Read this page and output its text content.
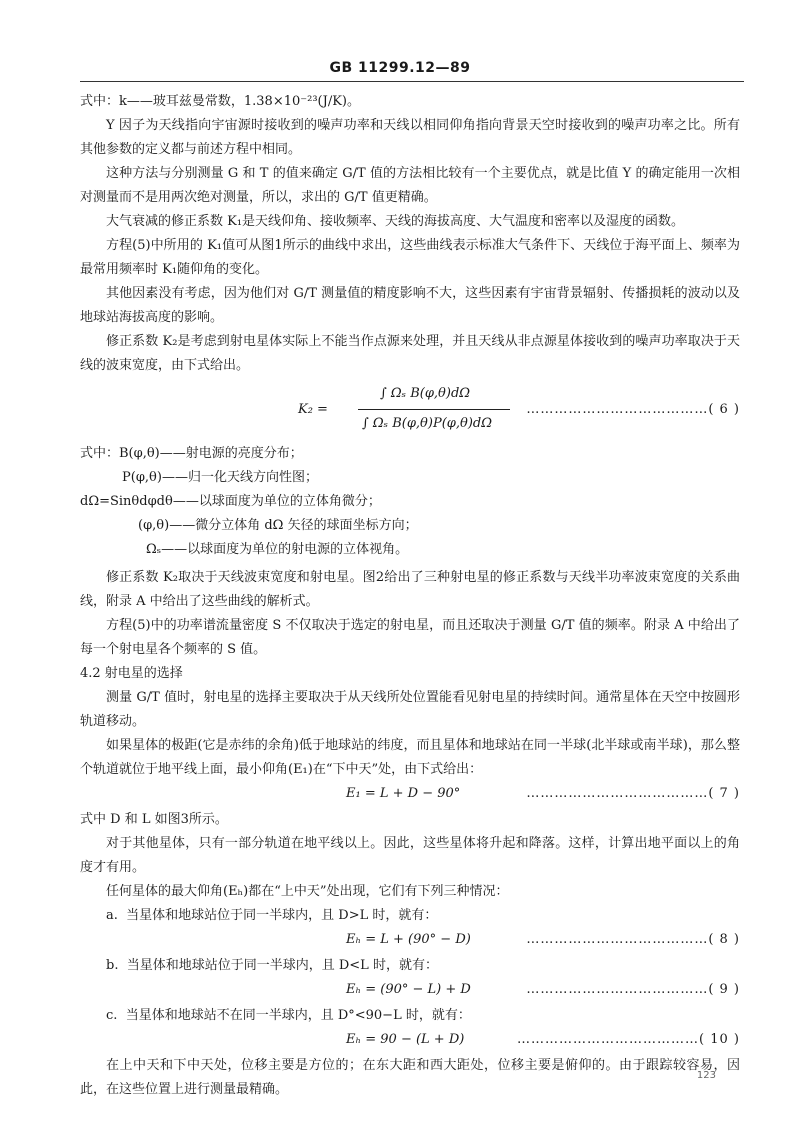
GB 11299.12—89

式中：k——玻耳兹曼常数，1.38×10⁻²³(J/K)。

Y 因子为天线指向宇宙源时接收到的噪声功率和天线以相同仰角指向背景天空时接收到的噪声功率之比。所有其他参数的定义都与前述方程中相同。

这种方法与分别测量 G 和 T 的值来确定 G/T 值的方法相比较有一个主要优点，就是比值 Y 的确定能用一次相对测量而不是用两次绝对测量，所以，求出的 G/T 值更精确。

大气衰减的修正系数 K₁是天线仰角、接收频率、天线的海拔高度、大气温度和密率以及湿度的函数。

方程(5)中所用的 K₁值可从图1所示的曲线中求出，这些曲线表示标准大气条件下、天线位于海平面上、频率为最常用频率时 K₁随仰角的变化。

其他因素没有考虑，因为他们对 G/T 测量值的精度影响不大，这些因素有宇宙背景辐射、传播损耗的波动以及地球站海拔高度的影响。

修正系数 K₂是考虑到射电星体实际上不能当作点源来处理，并且天线从非点源星体接收到的噪声功率取决于天线的波束宽度，由下式给出。

K₂ =
∫ Ωₛ B(φ,θ)dΩ
∫ Ωₛ B(φ,θ)P(φ,θ)dΩ
…………………………………( 6 )

式中：B(φ,θ)——射电源的亮度分布；

P(φ,θ)——归一化天线方向性图；

dΩ=Sinθdφdθ——以球面度为单位的立体角微分；

(φ,θ)——微分立体角 dΩ 矢径的球面坐标方向；

Ωₛ——以球面度为单位的射电源的立体视角。

修正系数 K₂取决于天线波束宽度和射电星。图2给出了三种射电星的修正系数与天线半功率波束宽度的关系曲线，附录 A 中给出了这些曲线的解析式。

方程(5)中的功率谱流量密度 S 不仅取决于选定的射电星，而且还取决于测量 G/T 值的频率。附录 A 中给出了每一个射电星各个频率的 S 值。

4.2 射电星的选择

测量 G/T 值时，射电星的选择主要取决于从天线所处位置能看见射电星的持续时间。通常星体在天空中按圆形轨道移动。

如果星体的极距(它是赤纬的余角)低于地球站的纬度，而且星体和地球站在同一半球(北半球或南半球)，那么整个轨道就位于地平线上面，最小仰角(E₁)在“下中天”处，由下式给出：

E₁ = L + D − 90°	…………………………………( 7 )

式中 D 和 L 如图3所示。

对于其他星体，只有一部分轨道在地平线以上。因此，这些星体将升起和降落。这样，计算出地平面以上的角度才有用。

任何星体的最大仰角(Eₕ)都在“上中天”处出现，它们有下列三种情况：

a. 当星体和地球站位于同一半球内，且 D>L 时，就有：

Eₕ = L + (90° − D)	…………………………………( 8 )

b. 当星体和地球站位于同一半球内，且 D<L 时，就有：

Eₕ = (90° − L) + D	…………………………………( 9 )

c. 当星体和地球站不在同一半球内，且 D°<90−L 时，就有：

Eₕ = 90 − (L + D)	…………………………………( 10 )

在上中天和下中天处，位移主要是方位的；在东大距和西大距处，位移主要是俯仰的。由于跟踪较容易，因此，在这些位置上进行测量最精确。

123
